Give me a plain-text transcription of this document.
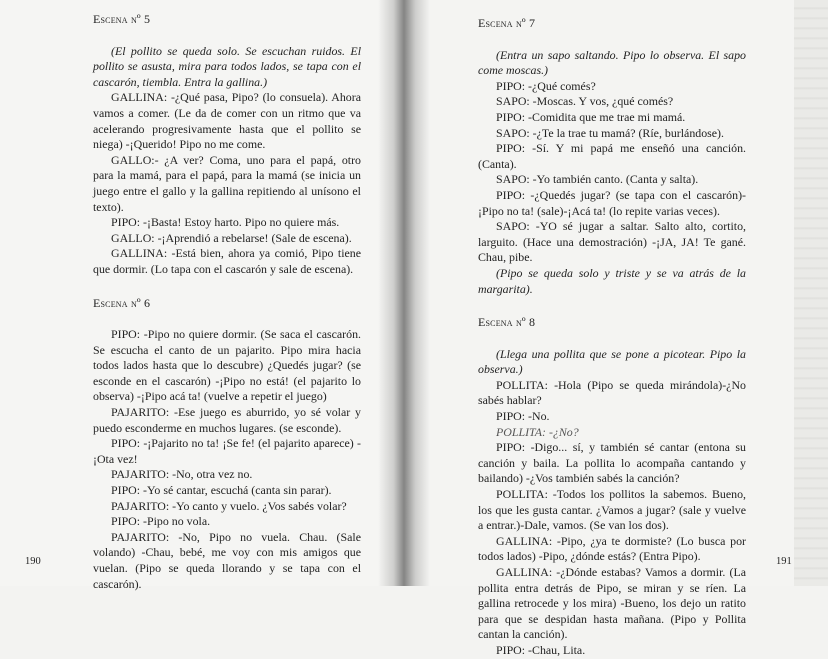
Escena nº 5

(El pollito se queda solo. Se escuchan ruidos. El pollito se asusta, mira para todos lados, se tapa con el cascarón, tiembla. Entra la gallina.)

GALLINA: -¿Qué pasa, Pipo? (lo consuela). Ahora vamos a comer. (Le da de comer con un ritmo que va acelerando progresivamente hasta que el pollito se niega) -¡Querido! Pipo no me come.

GALLO:- ¿A ver? Coma, uno para el papá, otro para la mamá, para el papá, para la mamá (se inicia un juego entre el gallo y la gallina repitiendo al unísono el texto).

PIPO: -¡Basta! Estoy harto. Pipo no quiere más.

GALLO: -¡Aprendió a rebelarse! (Sale de escena).

GALLINA: -Está bien, ahora ya comió, Pipo tiene que dormir. (Lo tapa con el cascarón y sale de escena).

Escena nº 6

PIPO: -Pipo no quiere dormir. (Se saca el cascarón. Se escucha el canto de un pajarito. Pipo mira hacia todos lados hasta que lo descubre) ¿Quedés jugar? (se esconde en el cascarón) -¡Pipo no está! (el pajarito lo observa) -¡Pipo acá ta! (vuelve a repetir el juego)

PAJARITO: -Ese juego es aburrido, yo sé volar y puedo esconderme en muchos lugares. (se esconde).

PIPO: -¡Pajarito no ta! ¡Se fe! (el pajarito aparece) -¡Ota vez!

PAJARITO: -No, otra vez no.

PIPO: -Yo sé cantar, escuchá (canta sin parar).

PAJARITO: -Yo canto y vuelo. ¿Vos sabés volar?

PIPO: -Pipo no vola.

PAJARITO: -No, Pipo no vuela. Chau. (Sale volando) -Chau, bebé, me voy con mis amigos que vuelan. (Pipo se queda llorando y se tapa con el cascarón).

190
Escena nº 7

(Entra un sapo saltando. Pipo lo observa. El sapo come moscas.)

PIPO: -¿Qué comés?

SAPO: -Moscas. Y vos, ¿qué comés?

PIPO: -Comidita que me trae mi mamá.

SAPO: -¿Te la trae tu mamá? (Ríe, burlándose).

PIPO: -Sí. Y mi papá me enseñó una canción. (Canta).

SAPO: -Yo también canto. (Canta y salta).

PIPO: -¿Quedés jugar? (se tapa con el cascarón)-¡Pipo no ta! (sale)-¡Acá ta! (lo repite varias veces).

SAPO: -YO sé jugar a saltar. Salto alto, cortito, larguito. (Hace una demostración) -¡JA, JA! Te gané. Chau, pibe.

(Pipo se queda solo y triste y se va atrás de la margarita).

Escena nº 8

(Llega una pollita que se pone a picotear. Pipo la observa.)

POLLITA: -Hola (Pipo se queda mirándola)-¿No sabés hablar?

PIPO: -No.

POLLITA: -¿No?

PIPO: -Digo... sí, y también sé cantar (entona su canción y baila. La pollita lo acompaña cantando y bailando) -¿Vos también sabés la canción?

POLLITA: -Todos los pollitos la sabemos. Bueno, los que les gusta cantar. ¿Vamos a jugar? (sale y vuelve a entrar.)-Dale, vamos. (Se van los dos).

GALLINA: -Pipo, ¿ya te dormiste? (Lo busca por todos lados) -Pipo, ¿dónde estás? (Entra Pipo).

GALLINA: -¿Dónde estabas? Vamos a dormir. (La pollita entra detrás de Pipo, se miran y se ríen. La gallina retrocede y los mira) -Bueno, los dejo un ratito para que se despidan hasta mañana. (Pipo y Pollita cantan la canción).

PIPO: -Chau, Lita.

191
